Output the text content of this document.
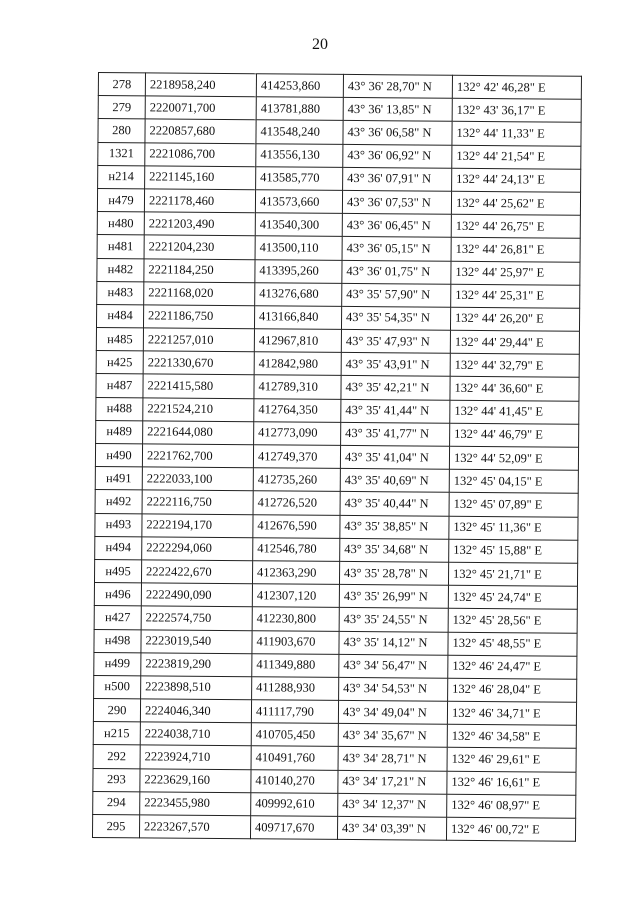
20
278	2218958,240	414253,860	43° 36' 28,70" N	132° 42' 46,28" E
279	2220071,700	413781,880	43° 36' 13,85" N	132° 43' 36,17" E
280	2220857,680	413548,240	43° 36' 06,58" N	132° 44' 11,33" E
1321	2221086,700	413556,130	43° 36' 06,92" N	132° 44' 21,54" E
н214	2221145,160	413585,770	43° 36' 07,91" N	132° 44' 24,13" E
н479	2221178,460	413573,660	43° 36' 07,53" N	132° 44' 25,62" E
н480	2221203,490	413540,300	43° 36' 06,45" N	132° 44' 26,75" E
н481	2221204,230	413500,110	43° 36' 05,15" N	132° 44' 26,81" E
н482	2221184,250	413395,260	43° 36' 01,75" N	132° 44' 25,97" E
н483	2221168,020	413276,680	43° 35' 57,90" N	132° 44' 25,31" E
н484	2221186,750	413166,840	43° 35' 54,35" N	132° 44' 26,20" E
н485	2221257,010	412967,810	43° 35' 47,93" N	132° 44' 29,44" E
н425	2221330,670	412842,980	43° 35' 43,91" N	132° 44' 32,79" E
н487	2221415,580	412789,310	43° 35' 42,21" N	132° 44' 36,60" E
н488	2221524,210	412764,350	43° 35' 41,44" N	132° 44' 41,45" E
н489	2221644,080	412773,090	43° 35' 41,77" N	132° 44' 46,79" E
н490	2221762,700	412749,370	43° 35' 41,04" N	132° 44' 52,09" E
н491	2222033,100	412735,260	43° 35' 40,69" N	132° 45' 04,15" E
н492	2222116,750	412726,520	43° 35' 40,44" N	132° 45' 07,89" E
н493	2222194,170	412676,590	43° 35' 38,85" N	132° 45' 11,36" E
н494	2222294,060	412546,780	43° 35' 34,68" N	132° 45' 15,88" E
н495	2222422,670	412363,290	43° 35' 28,78" N	132° 45' 21,71" E
н496	2222490,090	412307,120	43° 35' 26,99" N	132° 45' 24,74" E
н427	2222574,750	412230,800	43° 35' 24,55" N	132° 45' 28,56" E
н498	2223019,540	411903,670	43° 35' 14,12" N	132° 45' 48,55" E
н499	2223819,290	411349,880	43° 34' 56,47" N	132° 46' 24,47" E
н500	2223898,510	411288,930	43° 34' 54,53" N	132° 46' 28,04" E
290	2224046,340	411117,790	43° 34' 49,04" N	132° 46' 34,71" E
н215	2224038,710	410705,450	43° 34' 35,67" N	132° 46' 34,58" E
292	2223924,710	410491,760	43° 34' 28,71" N	132° 46' 29,61" E
293	2223629,160	410140,270	43° 34' 17,21" N	132° 46' 16,61" E
294	2223455,980	409992,610	43° 34' 12,37" N	132° 46' 08,97" E
295	2223267,570	409717,670	43° 34' 03,39" N	132° 46' 00,72" E
